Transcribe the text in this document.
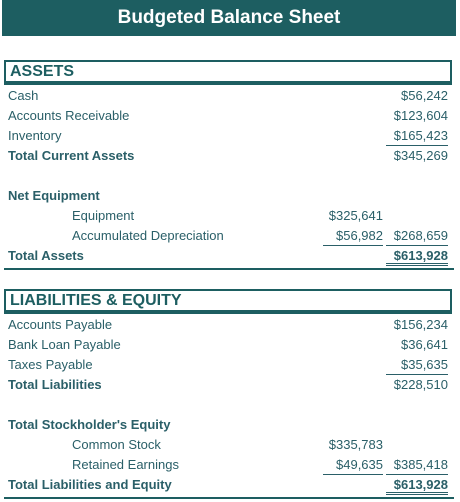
Budgeted Balance Sheet
ASSETS
Cash	$56,242
Accounts Receivable	$123,604
Inventory	$165,423
Total Current Assets	$345,269
Net Equipment
Equipment	$325,641
Accumulated Depreciation	$56,982 $268,659
Total Assets	$613,928
LIABILITIES & EQUITY
Accounts Payable	$156,234
Bank Loan Payable	$36,641
Taxes Payable	$35,635
Total Liabilities	$228,510
Total Stockholder's Equity
Common Stock	$335,783
Retained Earnings	$49,635 $385,418
Total Liabilities and Equity	$613,928
